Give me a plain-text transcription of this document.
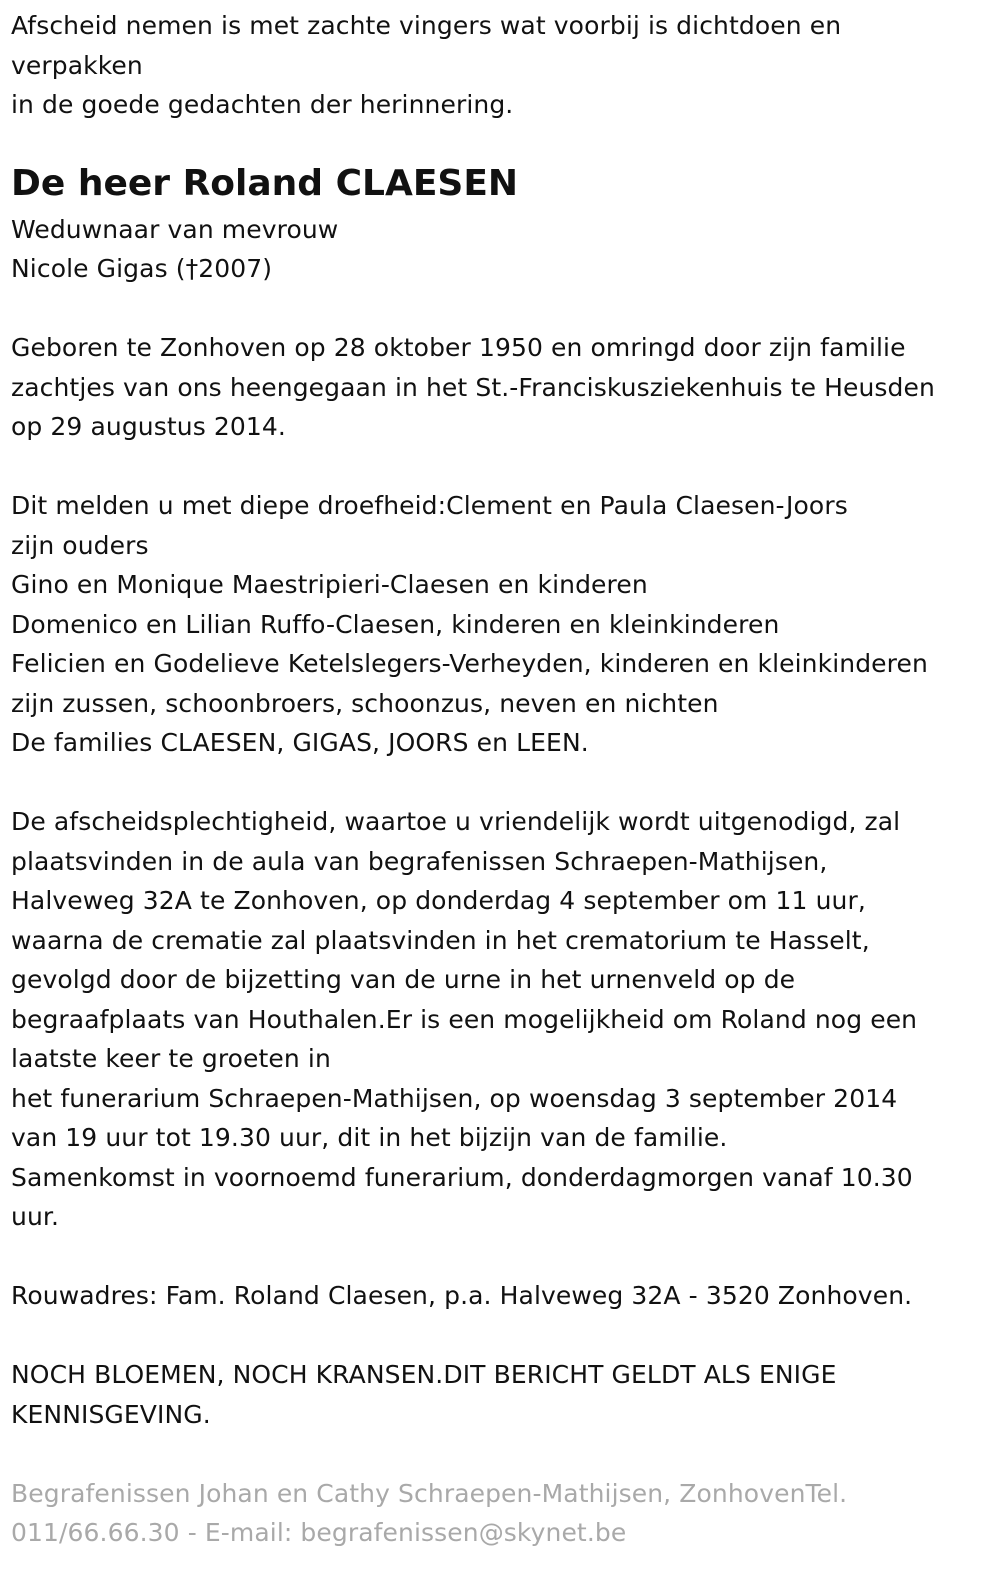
Afscheid nemen is met zachte vingers wat voorbij is dichtdoen en
verpakken
in de goede gedachten der herinnering.
De heer Roland CLAESEN
Weduwnaar van mevrouw
Nicole Gigas (†2007)
Geboren te Zonhoven op 28 oktober 1950 en omringd door zijn familie
zachtjes van ons heengegaan in het St.-Franciskusziekenhuis te Heusden
op 29 augustus 2014.
Dit melden u met diepe droefheid:Clement en Paula Claesen-Joors
zijn ouders
Gino en Monique Maestripieri-Claesen en kinderen
Domenico en Lilian Ruffo-Claesen, kinderen en kleinkinderen
Felicien en Godelieve Ketelslegers-Verheyden, kinderen en kleinkinderen
zijn zussen, schoonbroers, schoonzus, neven en nichten
De families CLAESEN, GIGAS, JOORS en LEEN.
De afscheidsplechtigheid, waartoe u vriendelijk wordt uitgenodigd, zal
plaatsvinden in de aula van begrafenissen Schraepen-Mathijsen,
Halveweg 32A te Zonhoven, op donderdag 4 september om 11 uur,
waarna de crematie zal plaatsvinden in het crematorium te Hasselt,
gevolgd door de bijzetting van de urne in het urnenveld op de
begraafplaats van Houthalen.Er is een mogelijkheid om Roland nog een
laatste keer te groeten in
het funerarium Schraepen-Mathijsen, op woensdag 3 september 2014
van 19 uur tot 19.30 uur, dit in het bijzijn van de familie.
Samenkomst in voornoemd funerarium, donderdagmorgen vanaf 10.30
uur.
Rouwadres: Fam. Roland Claesen, p.a. Halveweg 32A - 3520 Zonhoven.
NOCH BLOEMEN, NOCH KRANSEN.DIT BERICHT GELDT ALS ENIGE
KENNISGEVING.
Begrafenissen Johan en Cathy Schraepen-Mathijsen, ZonhovenTel.
011/66.66.30 - E-mail: begrafenissen@skynet.be
